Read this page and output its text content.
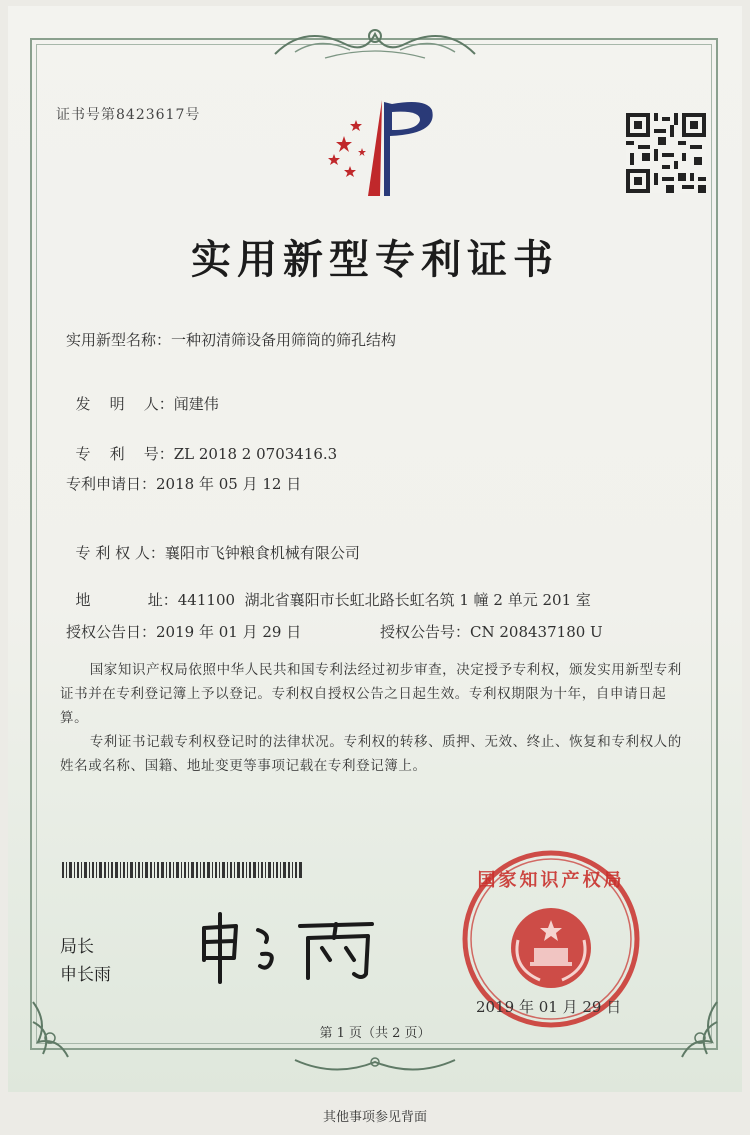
证书号第8423617号
实用新型专利证书
实用新型名称：一种初清筛设备用筛筒的筛孔结构

发    明    人：闻建伟

专    利    号：ZL 2018 2 0703416.3

专利申请日：2018 年 05 月 12 日

专 利 权 人：襄阳市飞钟粮食机械有限公司

地            址：441100  湖北省襄阳市长虹北路长虹名筑 1 幢 2 单元 201 室

授权公告日：2019 年 01 月 29 日	授权公告号：CN 208437180 U
国家知识产权局依照中华人民共和国专利法经过初步审查，决定授予专利权，颁发实用新型专利证书并在专利登记簿上予以登记。专利权自授权公告之日起生效。专利权期限为十年，自申请日起算。
专利证书记载专利权登记时的法律状况。专利权的转移、质押、无效、终止、恢复和专利权人的姓名或名称、国籍、地址变更等事项记载在专利登记簿上。
局长
申长雨
国家知识产权局
2019 年 01 月 29 日
第 1 页（共 2 页）
其他事项参见背面
